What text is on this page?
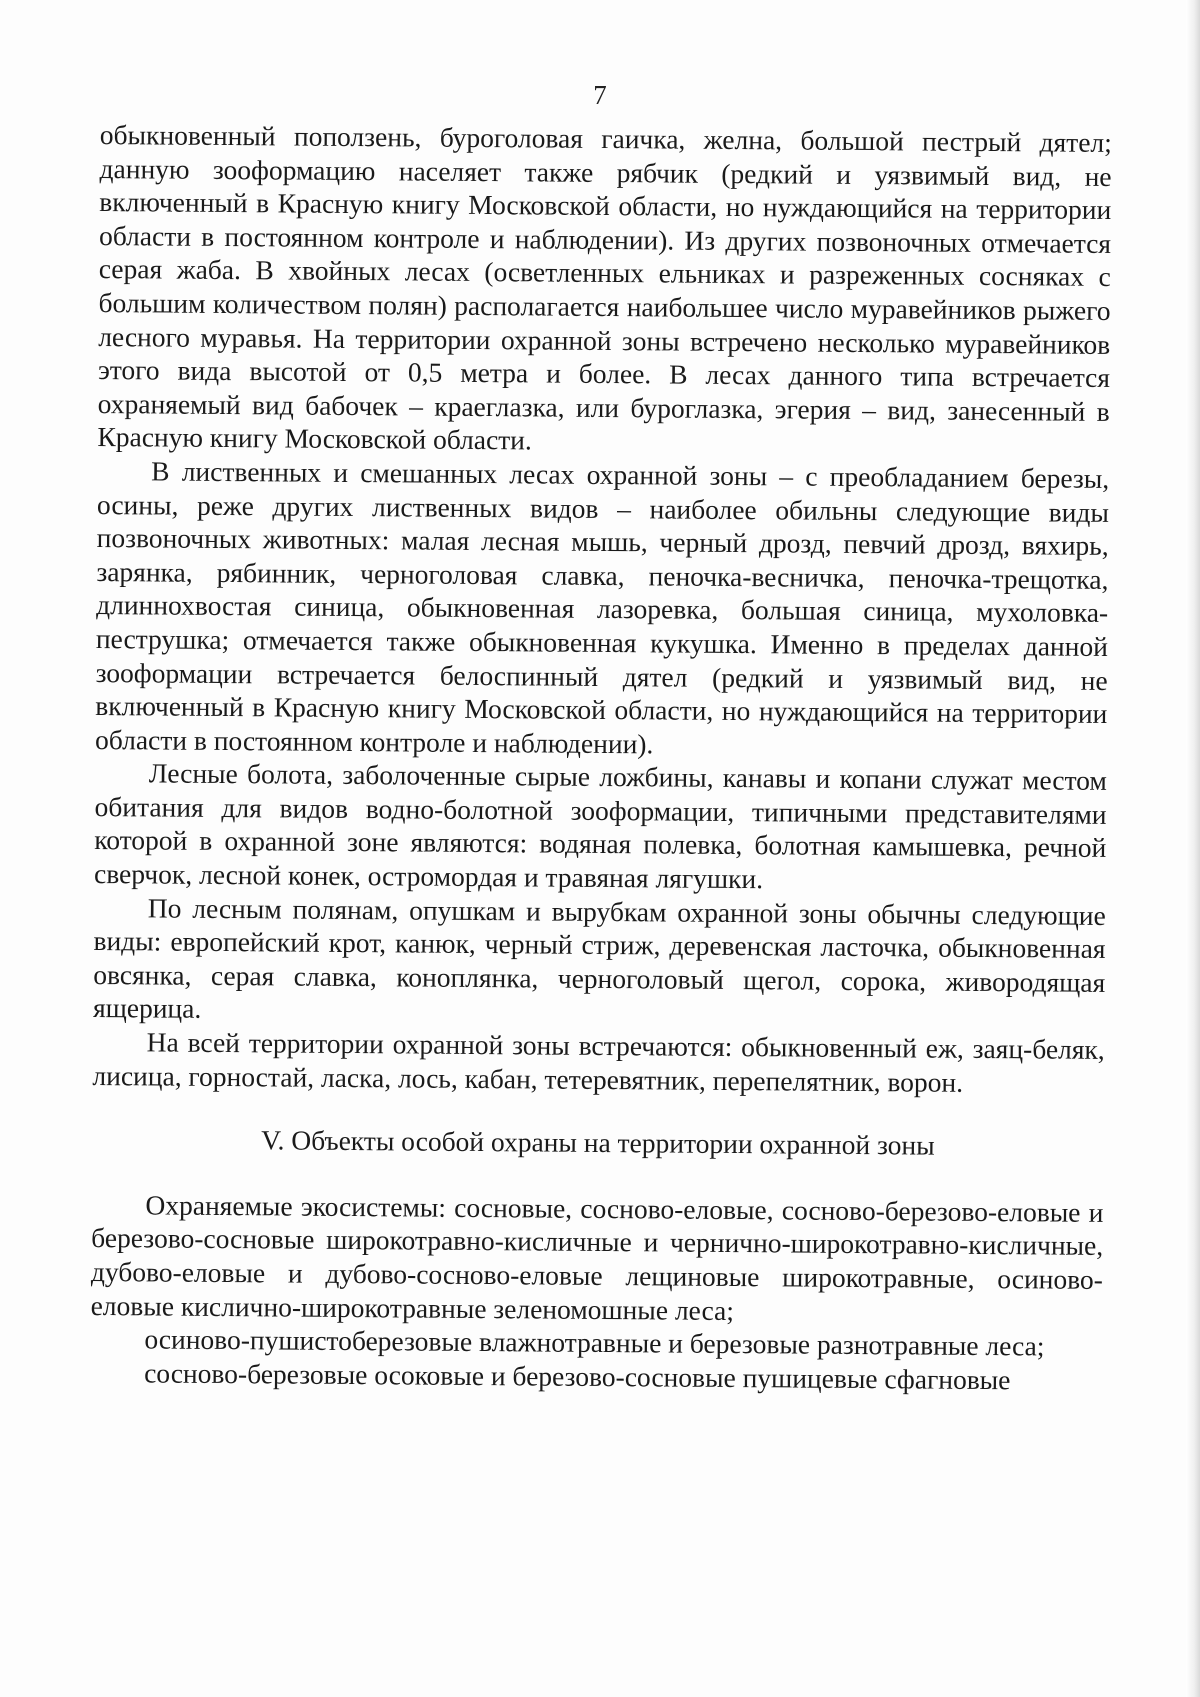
7

обыкновенный поползень, буроголовая гаичка, желна, большой пестрый дятел; данную зооформацию населяет также рябчик (редкий и уязвимый вид, не включенный в Красную книгу Московской области, но нуждающийся на территории области в постоянном контроле и наблюдении). Из других позвоночных отмечается серая жаба. В хвойных лесах (осветленных ельниках и разреженных сосняках с большим количеством полян) располагается наибольшее число муравейников рыжего лесного муравья. На территории охранной зоны встречено несколько муравейников этого вида высотой от 0,5 метра и более. В лесах данного типа встречается охраняемый вид бабочек – краеглазка, или буроглазка, эгерия – вид, занесенный в Красную книгу Московской области.

В лиственных и смешанных лесах охранной зоны – с преобладанием березы, осины, реже других лиственных видов – наиболее обильны следующие виды позвоночных животных: малая лесная мышь, черный дрозд, певчий дрозд, вяхирь, зарянка, рябинник, черноголовая славка, пеночка-весничка, пеночка-трещотка, длиннохвостая синица, обыкновенная лазоревка, большая синица, мухоловка-пеструшка; отмечается также обыкновенная кукушка. Именно в пределах данной зооформации встречается белоспинный дятел (редкий и уязвимый вид, не включенный в Красную книгу Московской области, но нуждающийся на территории области в постоянном контроле и наблюдении).

Лесные болота, заболоченные сырые ложбины, канавы и копани служат местом обитания для видов водно-болотной зооформации, типичными представителями которой в охранной зоне являются: водяная полевка, болотная камышевка, речной сверчок, лесной конек, остромордая и травяная лягушки.

По лесным полянам, опушкам и вырубкам охранной зоны обычны следующие виды: европейский крот, канюк, черный стриж, деревенская ласточка, обыкновенная овсянка, серая славка, коноплянка, черноголовый щегол, сорока, живородящая ящерица.

На всей территории охранной зоны встречаются: обыкновенный еж, заяц-беляк, лисица, горностай, ласка, лось, кабан, тетеревятник, перепелятник, ворон.

V. Объекты особой охраны на территории охранной зоны

Охраняемые экосистемы: сосновые, сосново-еловые, сосново-березово-еловые и березово-сосновые широкотравно-кисличные и чернично-широкотравно-кисличные, дубово-еловые и дубово-сосново-еловые лещиновые широкотравные, осиново-еловые кислично-широкотравные зеленомошные леса;

осиново-пушистоберезовые влажнотравные и березовые разнотравные леса;

сосново-березовые осоковые и березово-сосновые пушицевые сфагновые
